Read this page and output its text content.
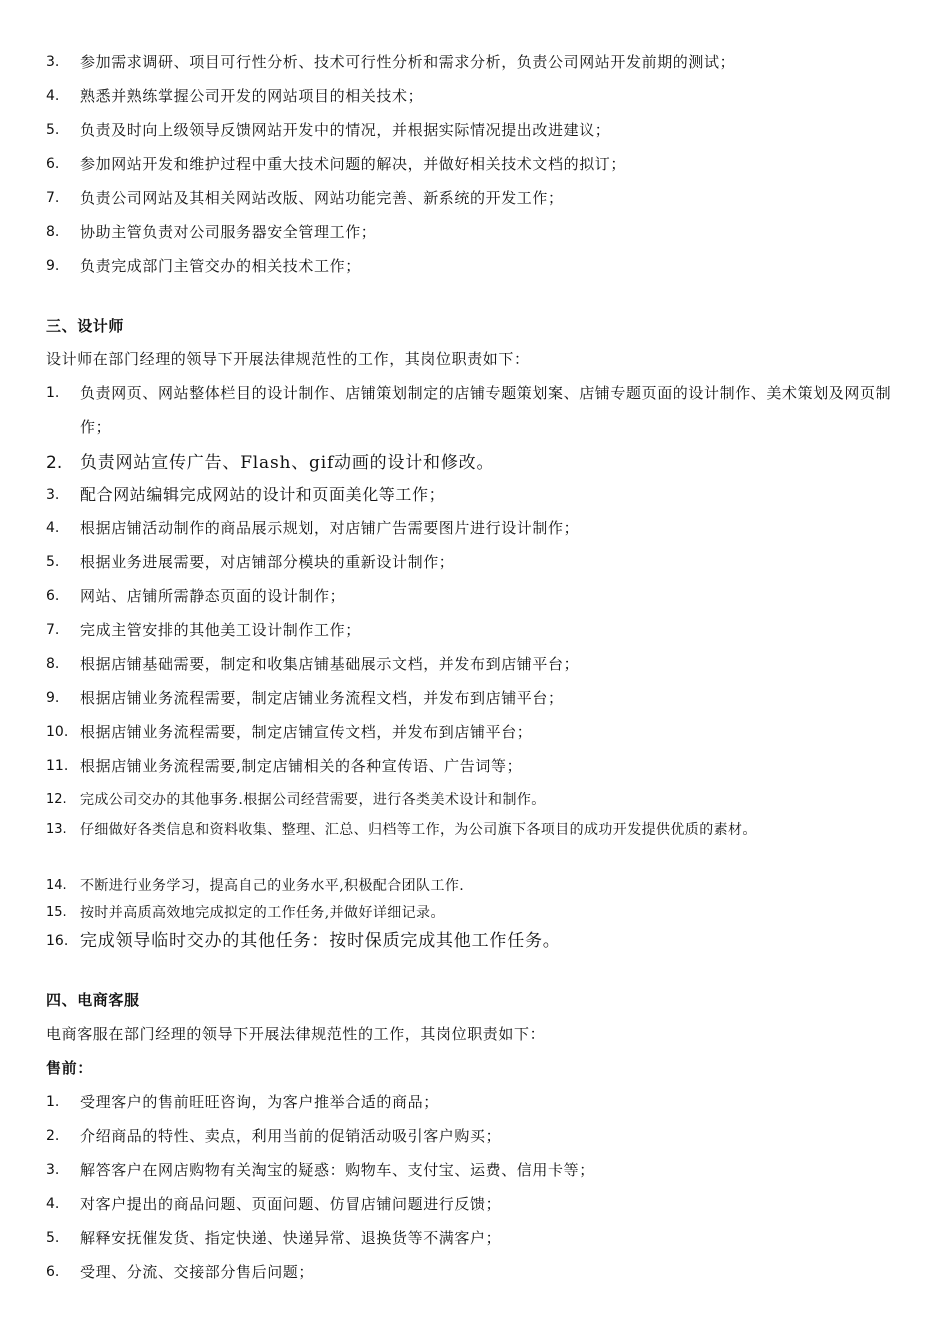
3.	参加需求调研、项目可行性分析、技术可行性分析和需求分析，负责公司网站开发前期的测试；
4.	熟悉并熟练掌握公司开发的网站项目的相关技术；
5.	负责及时向上级领导反馈网站开发中的情况，并根据实际情况提出改进建议；
6.	参加网站开发和维护过程中重大技术问题的解决，并做好相关技术文档的拟订；
7.	负责公司网站及其相关网站改版、网站功能完善、新系统的开发工作；
8.	协助主管负责对公司服务器安全管理工作；
9.	负责完成部门主管交办的相关技术工作；
三、设计师
设计师在部门经理的领导下开展法律规范性的工作，其岗位职责如下：
1.	负责网页、网站整体栏目的设计制作、店铺策划制定的店铺专题策划案、店铺专题页面的设计制作、美术策划及网页制作；
2.	负责网站宣传广告、Flash、gif动画的设计和修改。
3.	配合网站编辑完成网站的设计和页面美化等工作；
4.	根据店铺活动制作的商品展示规划，对店铺广告需要图片进行设计制作；
5.	根据业务进展需要，对店铺部分模块的重新设计制作；
6.	网站、店铺所需静态页面的设计制作；
7.	完成主管安排的其他美工设计制作工作；
8.	根据店铺基础需要，制定和收集店铺基础展示文档，并发布到店铺平台；
9.	根据店铺业务流程需要，制定店铺业务流程文档，并发布到店铺平台；
10. 根据店铺业务流程需要，制定店铺宣传文档，并发布到店铺平台；
11. 根据店铺业务流程需要,制定店铺相关的各种宣传语、广告词等；
12. 完成公司交办的其他事务.根据公司经营需要，进行各类美术设计和制作。
13. 仔细做好各类信息和资料收集、整理、汇总、归档等工作，为公司旗下各项目的成功开发提供优质的素材。
14. 不断进行业务学习，提高自己的业务水平,积极配合团队工作.
15. 按时并高质高效地完成拟定的工作任务,并做好详细记录。
16. 完成领导临时交办的其他任务：按时保质完成其他工作任务。
四、电商客服
电商客服在部门经理的领导下开展法律规范性的工作，其岗位职责如下：
售前：
1.	受理客户的售前旺旺咨询，为客户推举合适的商品；
2.	介绍商品的特性、卖点，利用当前的促销活动吸引客户购买；
3.	解答客户在网店购物有关淘宝的疑惑：购物车、支付宝、运费、信用卡等；
4.	对客户提出的商品问题、页面问题、仿冒店铺问题进行反馈；
5.	解释安抚催发货、指定快递、快递异常、退换货等不满客户；
6.	受理、分流、交接部分售后问题；
